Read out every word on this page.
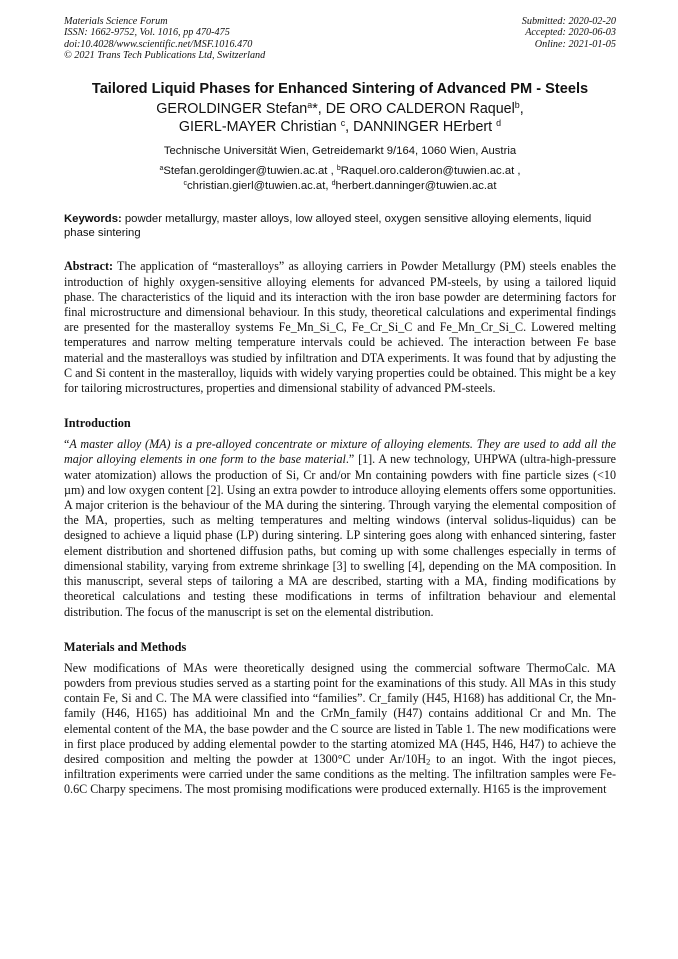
Materials Science Forum
ISSN: 1662-9752, Vol. 1016, pp 470-475
doi:10.4028/www.scientific.net/MSF.1016.470
© 2021 Trans Tech Publications Ltd, Switzerland
Submitted: 2020-02-20
Accepted: 2020-06-03
Online: 2021-01-05
Tailored Liquid Phases for Enhanced Sintering of Advanced PM - Steels
GEROLDINGER Stefan$^a$*, DE ORO CALDERON Raquel$^b$,
GIERL-MAYER Christian $^c$, DANNINGER HErbert $^d$
Technische Universität Wien, Getreidemarkt 9/164, 1060 Wien, Austria
$^a$Stefan.geroldinger@tuwien.ac.at , $^b$Raquel.oro.calderon@tuwien.ac.at ,
$^c$christian.gierl@tuwien.ac.at, $^d$herbert.danninger@tuwien.ac.at
Keywords: powder metallurgy, master alloys, low alloyed steel, oxygen sensitive alloying elements, liquid phase sintering
Abstract: The application of “masteralloys” as alloying carriers in Powder Metallurgy (PM) steels enables the introduction of highly oxygen-sensitive alloying elements for advanced PM-steels, by using a tailored liquid phase. The characteristics of the liquid and its interaction with the iron base powder are determining factors for final microstructure and dimensional behaviour. In this study, theoretical calculations and experimental findings are presented for the masteralloy systems Fe_Mn_Si_C, Fe_Cr_Si_C and Fe_Mn_Cr_Si_C. Lowered melting temperatures and narrow melting temperature intervals could be achieved. The interaction between Fe base material and the masteralloys was studied by infiltration and DTA experiments. It was found that by adjusting the C and Si content in the masteralloy, liquids with widely varying properties could be obtained. This might be a key for tailoring microstructures, properties and dimensional stability of advanced PM-steels.
Introduction
“A master alloy (MA) is a pre-alloyed concentrate or mixture of alloying elements. They are used to add all the major alloying elements in one form to the base material.” [1]. A new technology, UHPWA (ultra-high-pressure water atomization) allows the production of Si, Cr and/or Mn containing powders with fine particle sizes (<10 µm) and low oxygen content [2]. Using an extra powder to introduce alloying elements offers some opportunities. A major criterion is the behaviour of the MA during the sintering. Through varying the elemental composition of the MA, properties, such as melting temperatures and melting windows (interval solidus-liquidus) can be designed to achieve a liquid phase (LP) during sintering. LP sintering goes along with enhanced sintering, faster element distribution and shortened diffusion paths, but coming up with some challenges especially in terms of dimensional stability, varying from extreme shrinkage [3] to swelling [4], depending on the MA composition. In this manuscript, several steps of tailoring a MA are described, starting with a MA, finding modifications by theoretical calculations and testing these modifications in terms of infiltration behaviour and elemental distribution. The focus of the manuscript is set on the elemental distribution.
Materials and Methods
New modifications of MAs were theoretically designed using the commercial software ThermoCalc. MA powders from previous studies served as a starting point for the examinations of this study. All MAs in this study contain Fe, Si and C. The MA were classified into “families”. Cr_family (H45, H168) has additional Cr, the Mn-family (H46, H165) has additioinal Mn and the CrMn_family (H47) contains additional Cr and Mn. The elemental content of the MA, the base powder and the C source are listed in Table 1. The new modifications were in first place produced by adding elemental powder to the starting atomized MA (H45, H46, H47) to achieve the desired composition and melting the powder at 1300°C under $Ar/10H_2$ to an ingot. With the ingot pieces, infiltration experiments were carried under the same conditions as the melting. The infiltration samples were Fe-0.6C Charpy specimens. The most promising modifications were produced externally. H165 is the improvement
